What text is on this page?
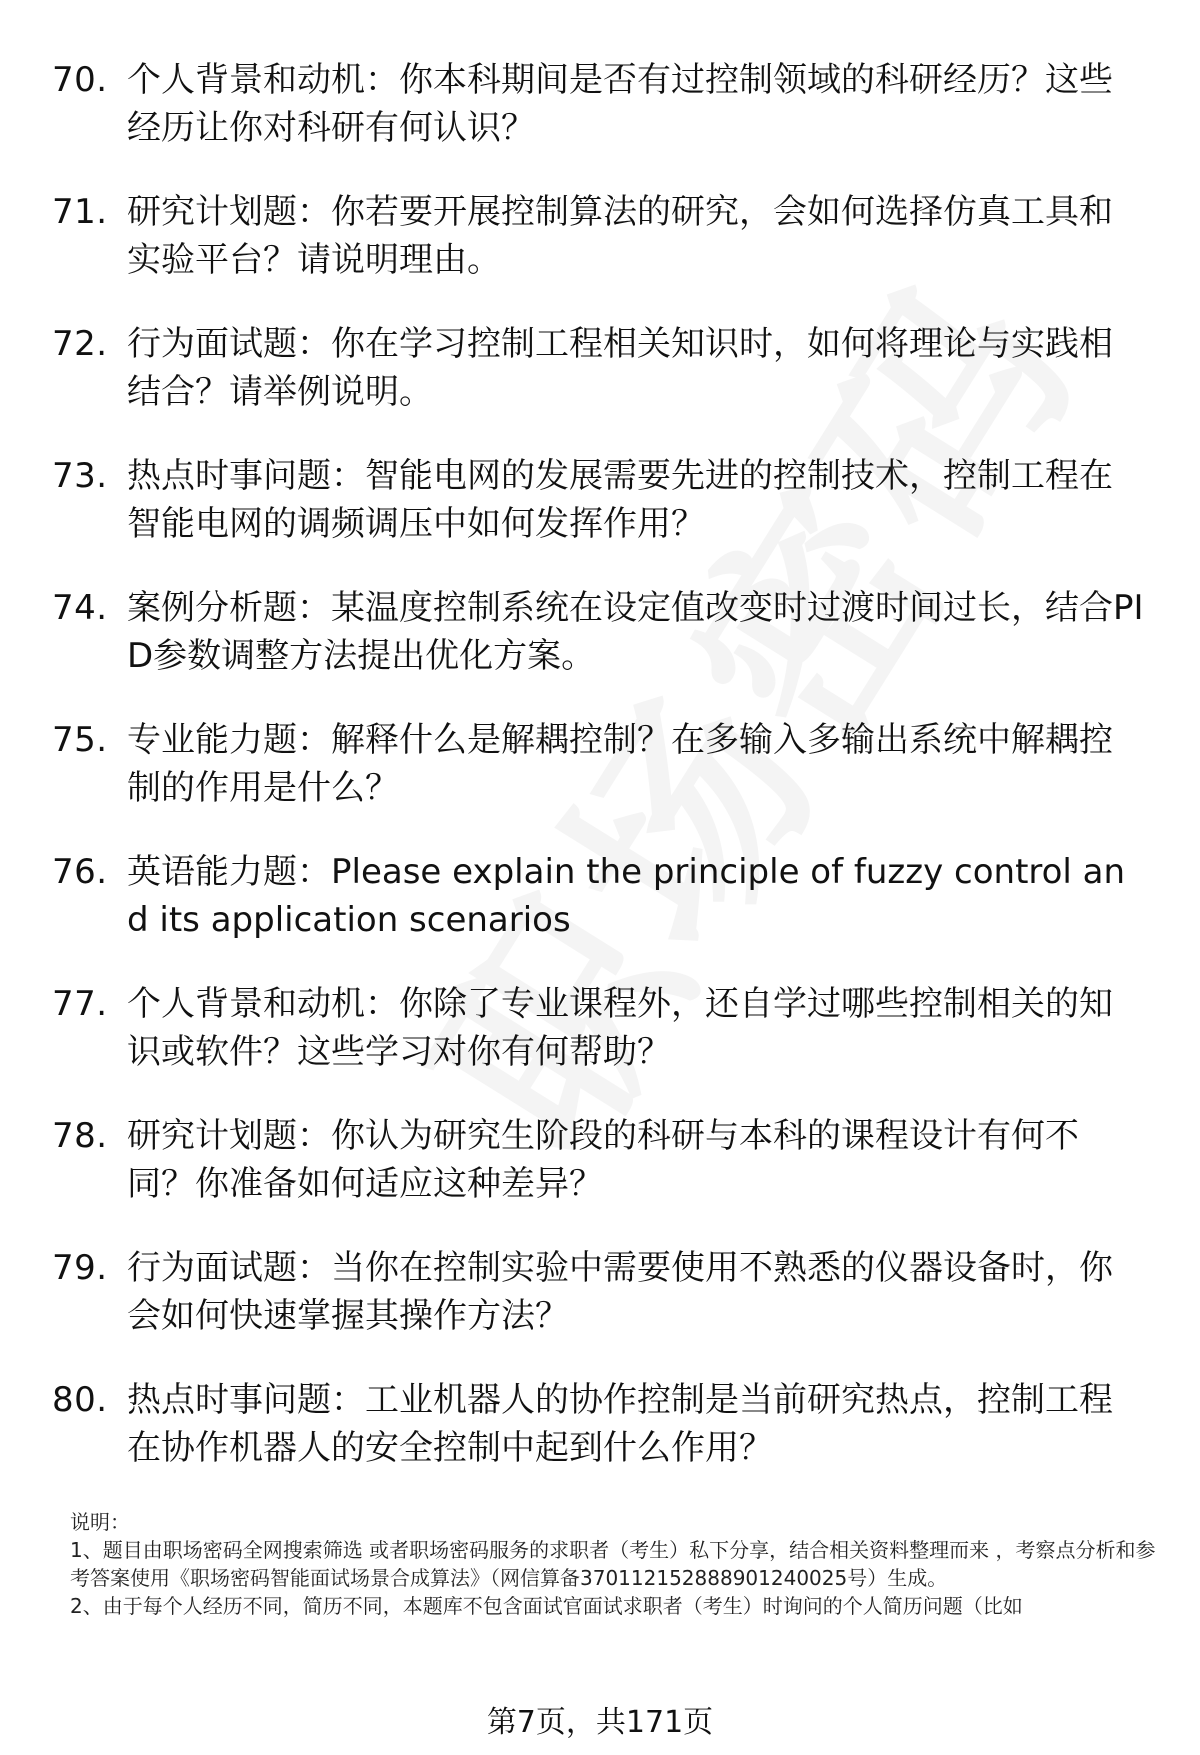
70. 个人背景和动机：你本科期间是否有过控制领域的科研经历？这些经历让你对科研有何认识？
71. 研究计划题：你若要开展控制算法的研究，会如何选择仿真工具和实验平台？请说明理由。
72. 行为面试题：你在学习控制工程相关知识时，如何将理论与实践相结合？请举例说明。
73. 热点时事问题：智能电网的发展需要先进的控制技术，控制工程在智能电网的调频调压中如何发挥作用？
74. 案例分析题：某温度控制系统在设定值改变时过渡时间过长，结合PID参数调整方法提出优化方案。
75. 专业能力题：解释什么是解耦控制？在多输入多输出系统中解耦控制的作用是什么？
76. 英语能力题：Please explain the principle of fuzzy control and its application scenarios
77. 个人背景和动机：你除了专业课程外，还自学过哪些控制相关的知识或软件？这些学习对你有何帮助？
78. 研究计划题：你认为研究生阶段的科研与本科的课程设计有何不同？你准备如何适应这种差异？
79. 行为面试题：当你在控制实验中需要使用不熟悉的仪器设备时，你会如何快速掌握其操作方法？
80. 热点时事问题：工业机器人的协作控制是当前研究热点，控制工程在协作机器人的安全控制中起到什么作用？
说明：

1、题目由职场密码全网搜索筛选 或者职场密码服务的求职者（考生）私下分享，结合相关资料整理而来 ，考察点分析和参考答案使用《职场密码智能面试场景合成算法》（网信算备370112152888901240025号）生成。

2、由于每个人经历不同，简历不同，本题库不包含面试官面试求职者（考生）时询问的个人简历问题（比如

第7页，共171页
